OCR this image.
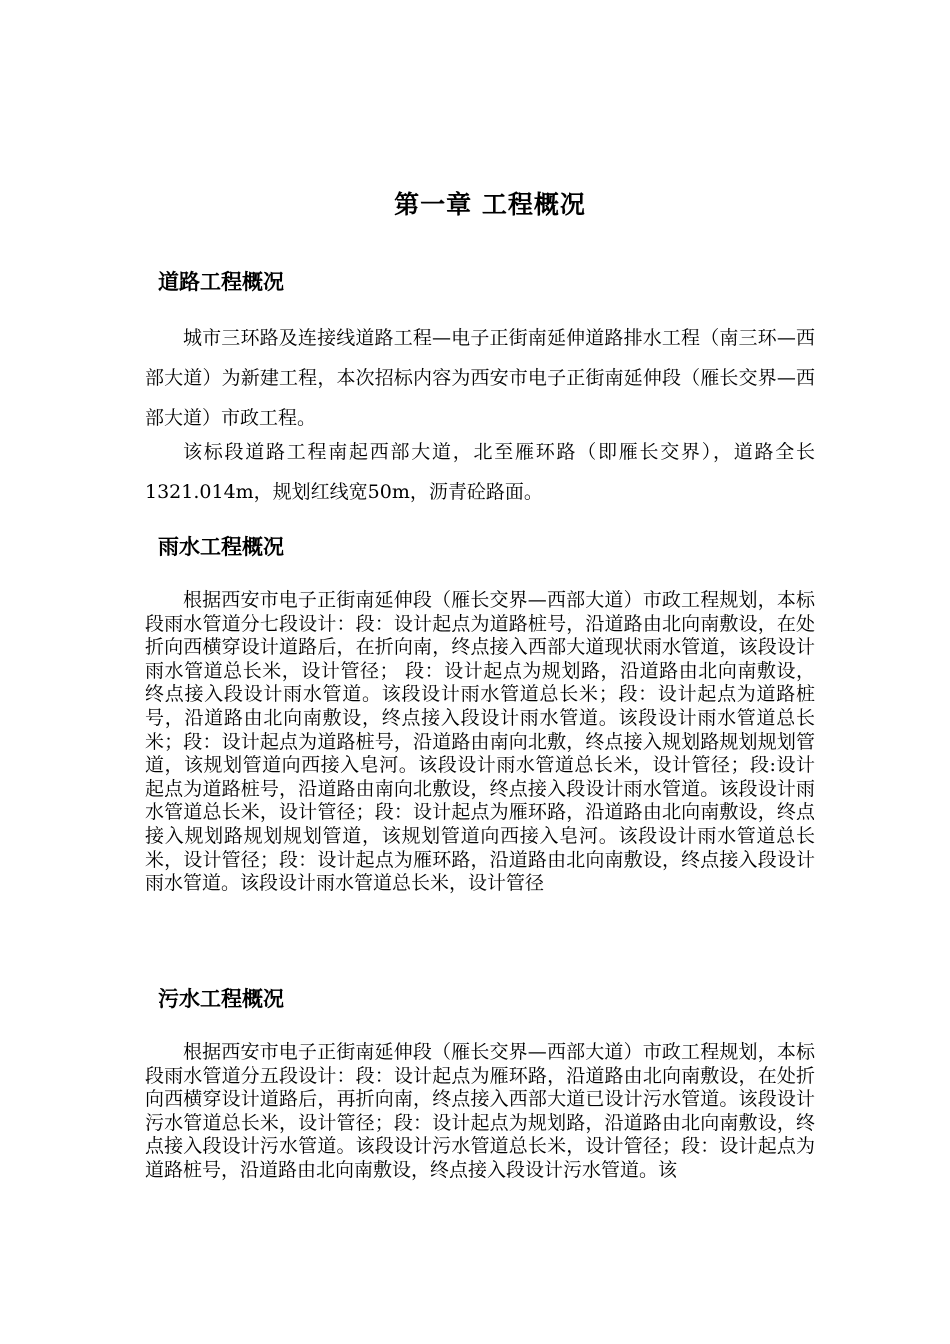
第一章 工程概况
道路工程概况

城市三环路及连接线道路工程—电子正街南延伸道路排水工程（南三环—西部大道）为新建工程，本次招标内容为西安市电子正街南延伸段（雁长交界—西部大道）市政工程。

该标段道路工程南起西部大道，北至雁环路（即雁长交界），道路全长1321.014m，规划红线宽50m，沥青砼路面。

雨水工程概况

根据西安市电子正街南延伸段（雁长交界—西部大道）市政工程规划，本标段雨水管道分七段设计：段：设计起点为道路桩号，沿道路由北向南敷设，在处折向西横穿设计道路后，在折向南，终点接入西部大道现状雨水管道，该段设计雨水管道总长米，设计管径； 段：设计起点为规划路，沿道路由北向南敷设，终点接入段设计雨水管道。该段设计雨水管道总长米；段：设计起点为道路桩号，沿道路由北向南敷设，终点接入段设计雨水管道。该段设计雨水管道总长米；段：设计起点为道路桩号，沿道路由南向北敷，终点接入规划路规划规划管道，该规划管道向西接入皂河。该段设计雨水管道总长米，设计管径；段:设计起点为道路桩号，沿道路由南向北敷设，终点接入段设计雨水管道。该段设计雨水管道总长米，设计管径；段：设计起点为雁环路，沿道路由北向南敷设，终点接入规划路规划规划管道，该规划管道向西接入皂河。该段设计雨水管道总长米，设计管径；段：设计起点为雁环路，沿道路由北向南敷设，终点接入段设计雨水管道。该段设计雨水管道总长米，设计管径

污水工程概况

根据西安市电子正街南延伸段（雁长交界—西部大道）市政工程规划，本标段雨水管道分五段设计：段：设计起点为雁环路，沿道路由北向南敷设，在处折向西横穿设计道路后，再折向南，终点接入西部大道已设计污水管道。该段设计污水管道总长米，设计管径；段：设计起点为规划路，沿道路由北向南敷设，终点接入段设计污水管道。该段设计污水管道总长米，设计管径；段：设计起点为道路桩号，沿道路由北向南敷设，终点接入段设计污水管道。该
